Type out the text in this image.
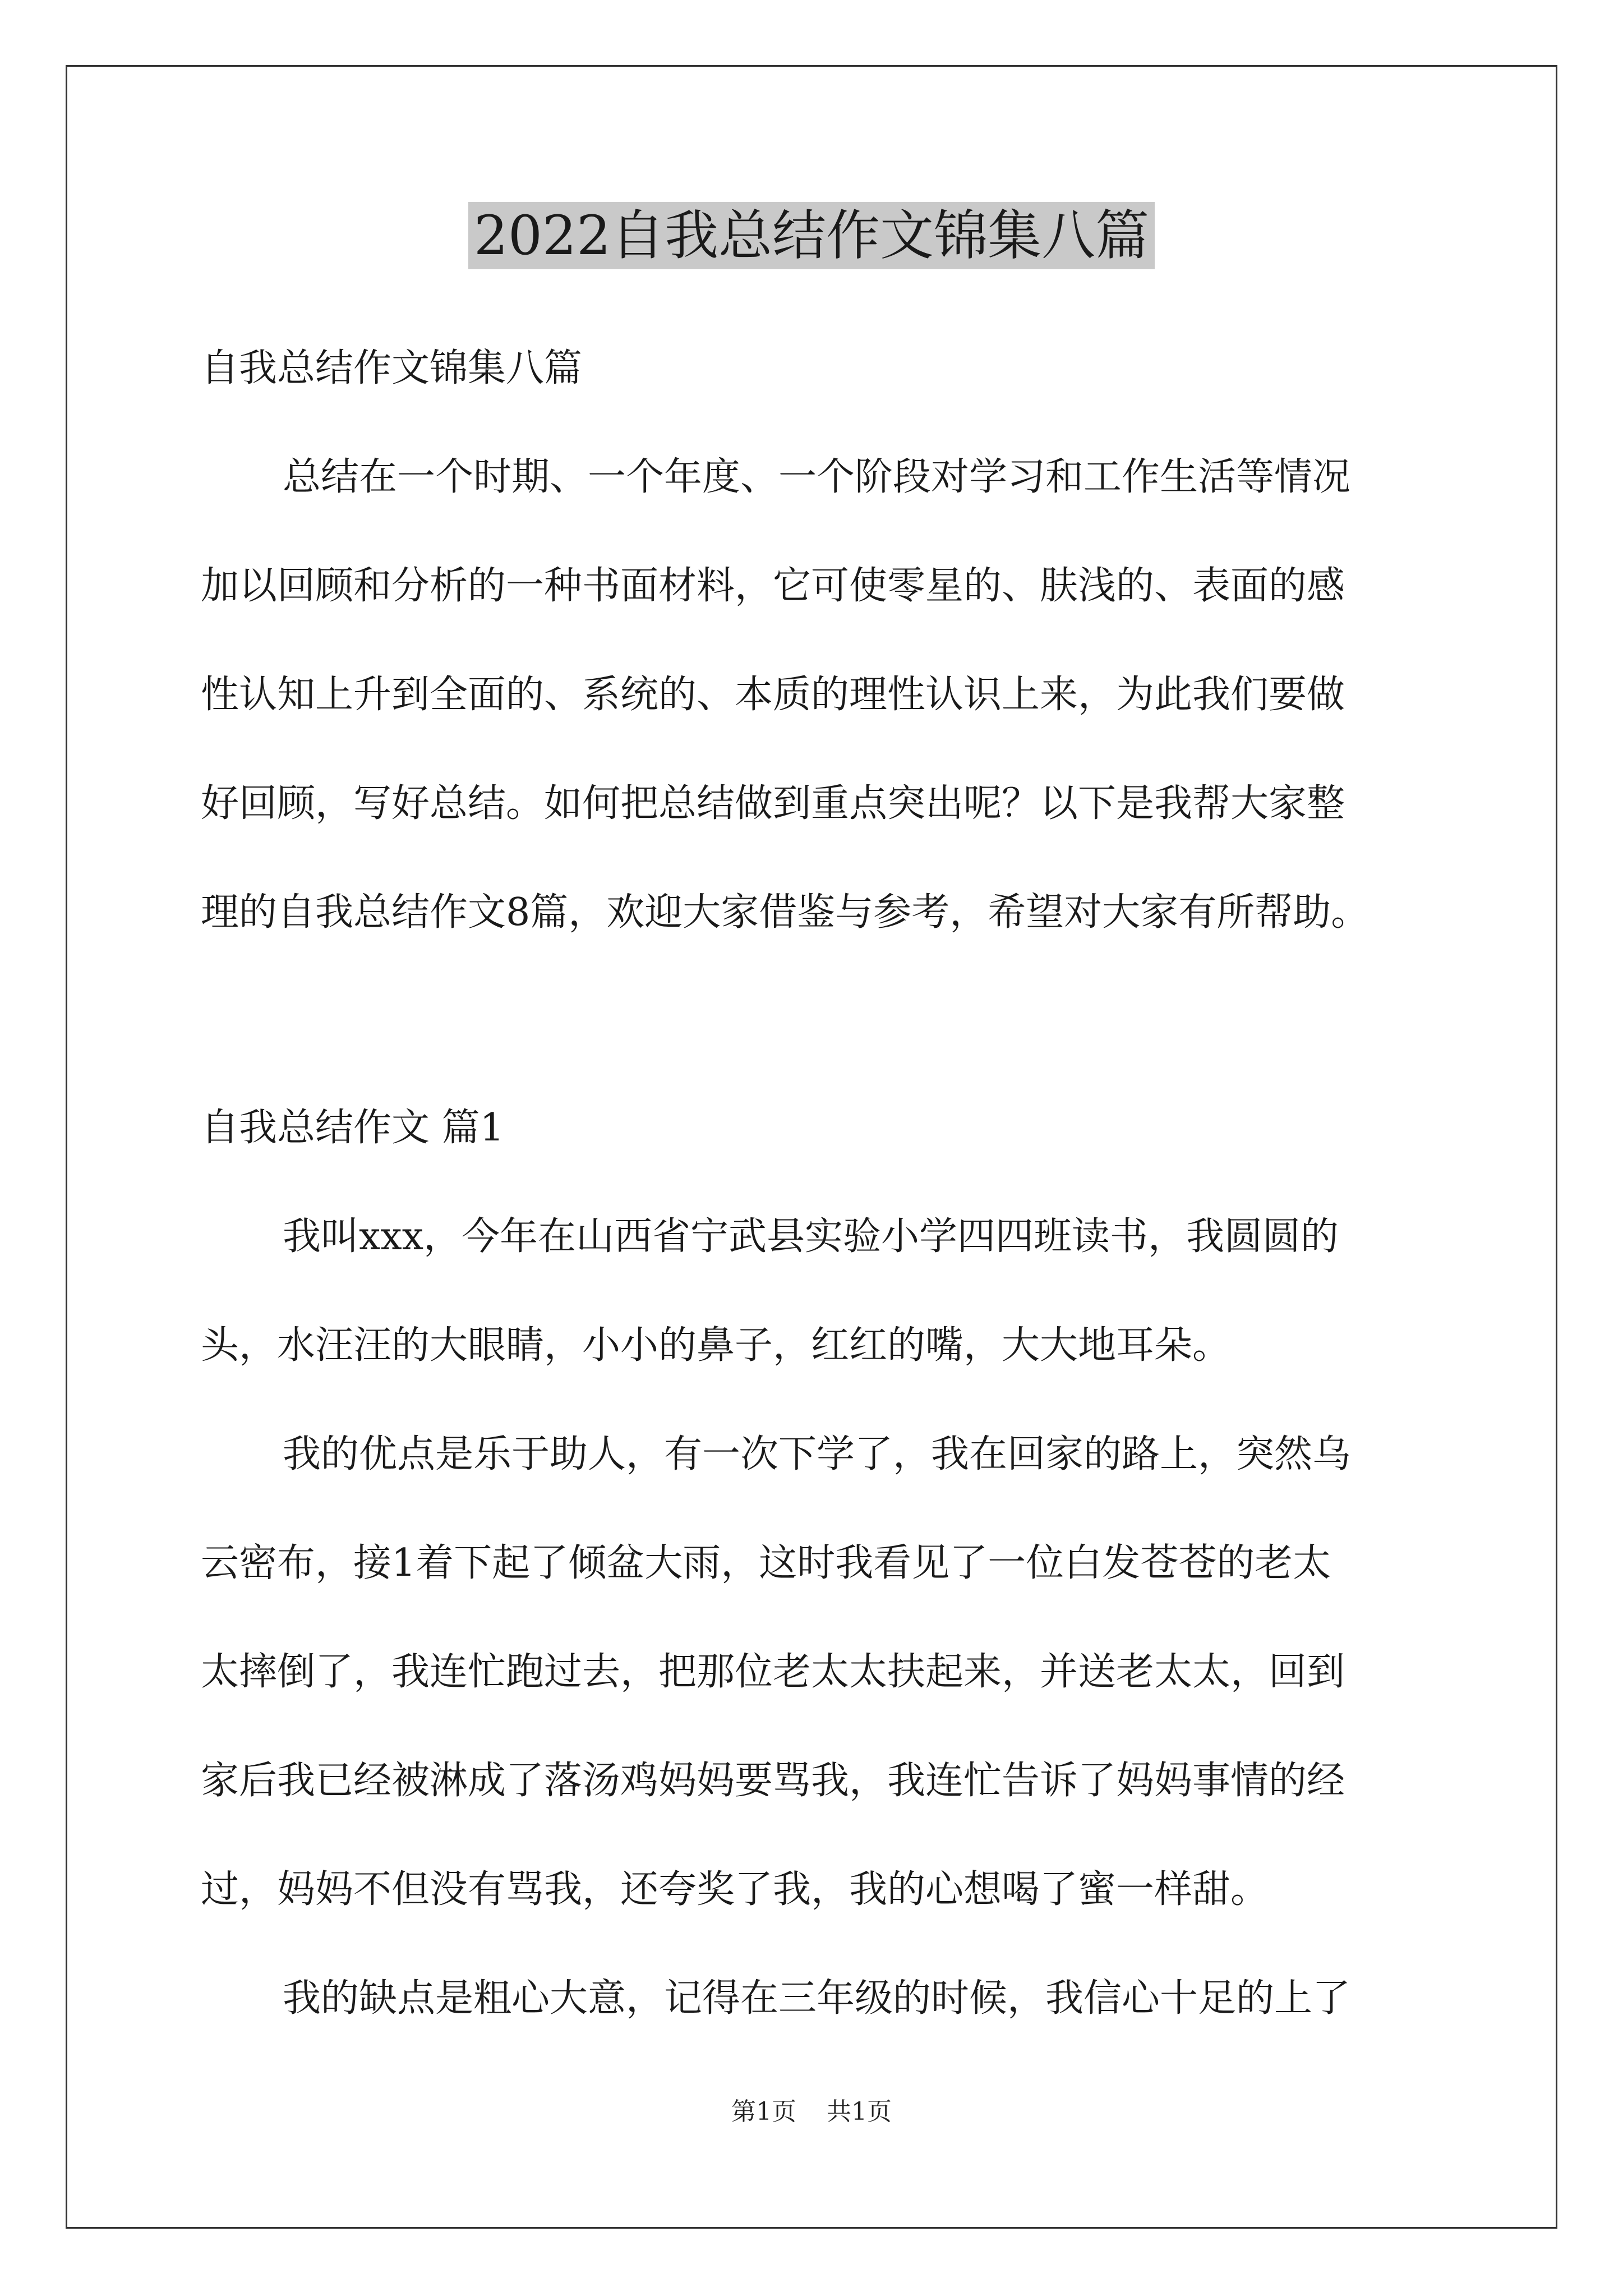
2022自我总结作文锦集八篇
自我总结作文锦集八篇
总结在一个时期、一个年度、一个阶段对学习和工作生活等情况
加以回顾和分析的一种书面材料，它可使零星的、肤浅的、表面的感
性认知上升到全面的、系统的、本质的理性认识上来，为此我们要做
好回顾，写好总结。如何把总结做到重点突出呢？以下是我帮大家整
理的自我总结作文8篇，欢迎大家借鉴与参考，希望对大家有所帮助。
自我总结作文 篇1
我叫xxx，今年在山西省宁武县实验小学四四班读书，我圆圆的
头，水汪汪的大眼睛，小小的鼻子，红红的嘴，大大地耳朵。
我的优点是乐于助人，有一次下学了，我在回家的路上，突然乌
云密布，接1着下起了倾盆大雨，这时我看见了一位白发苍苍的老太
太摔倒了，我连忙跑过去，把那位老太太扶起来，并送老太太，回到
家后我已经被淋成了落汤鸡妈妈要骂我，我连忙告诉了妈妈事情的经
过，妈妈不但没有骂我，还夸奖了我，我的心想喝了蜜一样甜。
我的缺点是粗心大意，记得在三年级的时候，我信心十足的上了
第1页 共1页
